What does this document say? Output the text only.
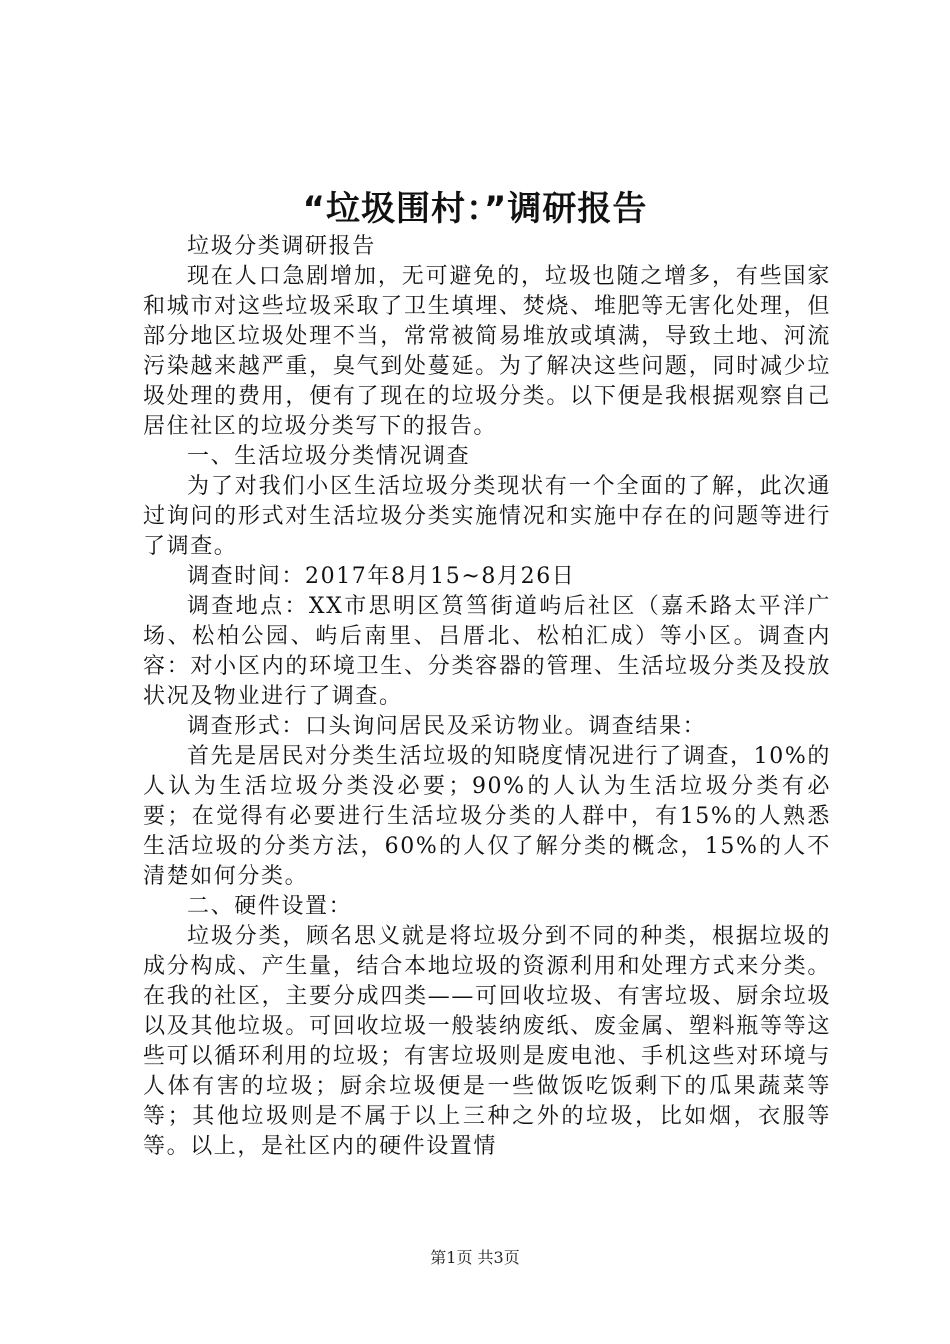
“垃圾围村：”调研报告

垃圾分类调研报告

现在人口急剧增加，无可避免的，垃圾也随之增多，有些国家和城市对这些垃圾采取了卫生填埋、焚烧、堆肥等无害化处理，但部分地区垃圾处理不当，常常被简易堆放或填满，导致土地、河流污染越来越严重，臭气到处蔓延。为了解决这些问题，同时减少垃圾处理的费用，便有了现在的垃圾分类。以下便是我根据观察自己居住社区的垃圾分类写下的报告。

一、生活垃圾分类情况调查

为了对我们小区生活垃圾分类现状有一个全面的了解，此次通过询问的形式对生活垃圾分类实施情况和实施中存在的问题等进行了调查。

调查时间：2017年8月15~8月26日

调查地点：XX市思明区筼筜街道屿后社区（嘉禾路太平洋广场、松柏公园、屿后南里、吕厝北、松柏汇成）等小区。调查内容：对小区内的环境卫生、分类容器的管理、生活垃圾分类及投放状况及物业进行了调查。

调查形式：口头询问居民及采访物业。调查结果：

首先是居民对分类生活垃圾的知晓度情况进行了调查，10%的人认为生活垃圾分类没必要；90%的人认为生活垃圾分类有必要；在觉得有必要进行生活垃圾分类的人群中，有15%的人熟悉生活垃圾的分类方法，60%的人仅了解分类的概念，15%的人不清楚如何分类。

二、硬件设置：

垃圾分类，顾名思义就是将垃圾分到不同的种类，根据垃圾的成分构成、产生量，结合本地垃圾的资源利用和处理方式来分类。在我的社区，主要分成四类——可回收垃圾、有害垃圾、厨余垃圾以及其他垃圾。可回收垃圾一般装纳废纸、废金属、塑料瓶等等这些可以循环利用的垃圾；有害垃圾则是废电池、手机这些对环境与人体有害的垃圾；厨余垃圾便是一些做饭吃饭剩下的瓜果蔬菜等等；其他垃圾则是不属于以上三种之外的垃圾，比如烟，衣服等等。以上，是社区内的硬件设置情

第1页 共3页
